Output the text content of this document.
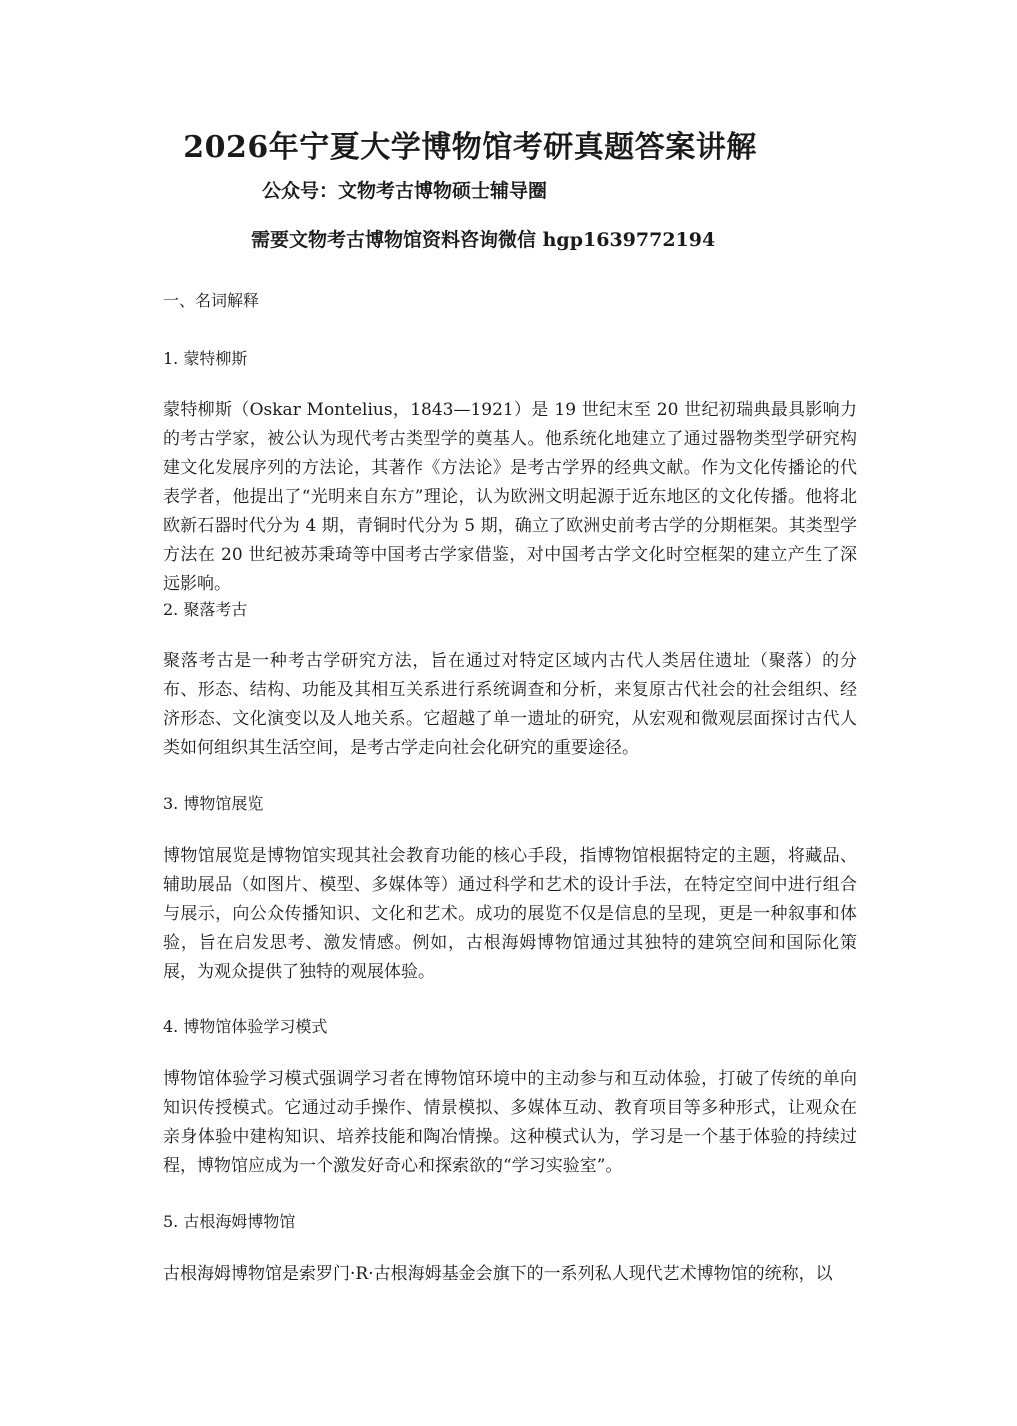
2026年宁夏大学博物馆考研真题答案讲解
公众号：文物考古博物硕士辅导圈
需要文物考古博物馆资料咨询微信 hgp1639772194
一、名词解释
1. 蒙特柳斯

蒙特柳斯（Oskar Montelius，1843—1921）是 19 世纪末至 20 世纪初瑞典最具影响力的考古学家，被公认为现代考古类型学的奠基人。他系统化地建立了通过器物类型学研究构建文化发展序列的方法论，其著作《方法论》是考古学界的经典文献。作为文化传播论的代表学者，他提出了“光明来自东方”理论，认为欧洲文明起源于近东地区的文化传播。他将北欧新石器时代分为 4 期，青铜时代分为 5 期，确立了欧洲史前考古学的分期框架。其类型学方法在 20 世纪被苏秉琦等中国考古学家借鉴，对中国考古学文化时空框架的建立产生了深远影响。

2. 聚落考古

聚落考古是一种考古学研究方法，旨在通过对特定区域内古代人类居住遗址（聚落）的分布、形态、结构、功能及其相互关系进行系统调查和分析，来复原古代社会的社会组织、经济形态、文化演变以及人地关系。它超越了单一遗址的研究，从宏观和微观层面探讨古代人类如何组织其生活空间，是考古学走向社会化研究的重要途径。

3. 博物馆展览

博物馆展览是博物馆实现其社会教育功能的核心手段，指博物馆根据特定的主题，将藏品、辅助展品（如图片、模型、多媒体等）通过科学和艺术的设计手法，在特定空间中进行组合与展示，向公众传播知识、文化和艺术。成功的展览不仅是信息的呈现，更是一种叙事和体验，旨在启发思考、激发情感。例如，古根海姆博物馆通过其独特的建筑空间和国际化策展，为观众提供了独特的观展体验。

4. 博物馆体验学习模式

博物馆体验学习模式强调学习者在博物馆环境中的主动参与和互动体验，打破了传统的单向知识传授模式。它通过动手操作、情景模拟、多媒体互动、教育项目等多种形式，让观众在亲身体验中建构知识、培养技能和陶冶情操。这种模式认为，学习是一个基于体验的持续过程，博物馆应成为一个激发好奇心和探索欲的“学习实验室”。

5. 古根海姆博物馆

古根海姆博物馆是索罗门·R·古根海姆基金会旗下的一系列私人现代艺术博物馆的统称，以
